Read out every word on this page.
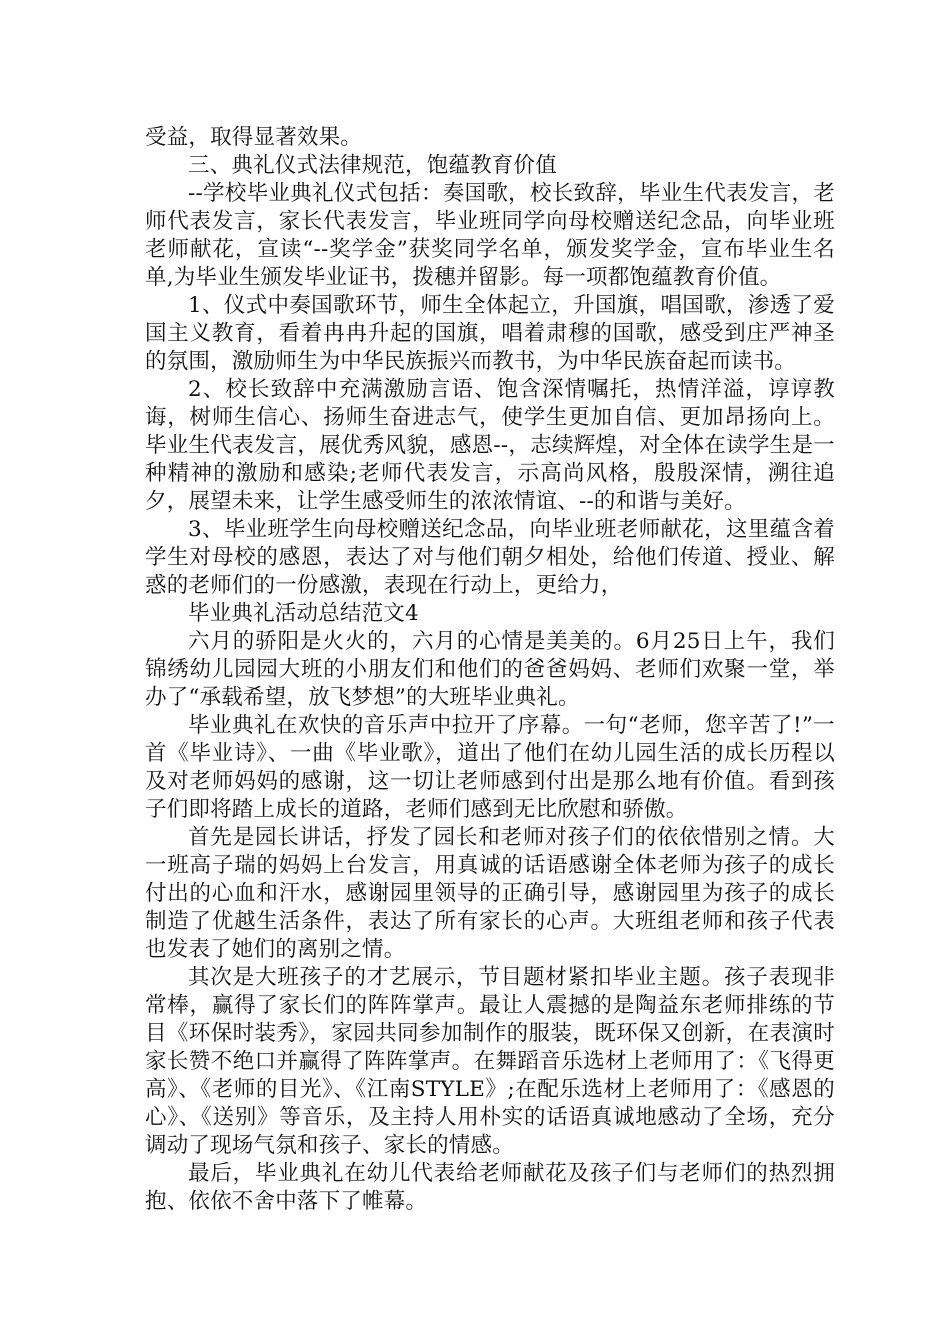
受益，取得显著效果。

三、典礼仪式法律规范，饱蕴教育价值

--学校毕业典礼仪式包括：奏国歌，校长致辞，毕业生代表发言，老师代表发言，家长代表发言，毕业班同学向母校赠送纪念品，向毕业班老师献花，宣读“--奖学金”获奖同学名单，颁发奖学金，宣布毕业生名单,为毕业生颁发毕业证书，拨穗并留影。每一项都饱蕴教育价值。

1、仪式中奏国歌环节，师生全体起立，升国旗，唱国歌，渗透了爱国主义教育，看着冉冉升起的国旗，唱着肃穆的国歌，感受到庄严神圣的氛围，激励师生为中华民族振兴而教书，为中华民族奋起而读书。

2、校长致辞中充满激励言语、饱含深情嘱托，热情洋溢，谆谆教诲，树师生信心、扬师生奋进志气，使学生更加自信、更加昂扬向上。毕业生代表发言，展优秀风貌，感恩--，志续辉煌，对全体在读学生是一种精神的激励和感染;老师代表发言，示高尚风格，殷殷深情，溯往追夕，展望未来，让学生感受师生的浓浓情谊、--的和谐与美好。

3、毕业班学生向母校赠送纪念品，向毕业班老师献花，这里蕴含着学生对母校的感恩，表达了对与他们朝夕相处，给他们传道、授业、解惑的老师们的一份感激，表现在行动上，更给力，

毕业典礼活动总结范文4

六月的骄阳是火火的，六月的心情是美美的。6月25日上午，我们锦绣幼儿园园大班的小朋友们和他们的爸爸妈妈、老师们欢聚一堂，举办了“承载希望，放飞梦想”的大班毕业典礼。

毕业典礼在欢快的音乐声中拉开了序幕。一句“老师，您辛苦了!”一首《毕业诗》、一曲《毕业歌》，道出了他们在幼儿园生活的成长历程以及对老师妈妈的感谢，这一切让老师感到付出是那么地有价值。看到孩子们即将踏上成长的道路，老师们感到无比欣慰和骄傲。

首先是园长讲话，抒发了园长和老师对孩子们的依依惜别之情。大一班高子瑞的妈妈上台发言，用真诚的话语感谢全体老师为孩子的成长付出的心血和汗水，感谢园里领导的正确引导，感谢园里为孩子的成长制造了优越生活条件，表达了所有家长的心声。大班组老师和孩子代表也发表了她们的离别之情。

其次是大班孩子的才艺展示，节目题材紧扣毕业主题。孩子表现非常棒，赢得了家长们的阵阵掌声。最让人震撼的是陶益东老师排练的节目《环保时装秀》，家园共同参加制作的服装，既环保又创新，在表演时家长赞不绝口并赢得了阵阵掌声。在舞蹈音乐选材上老师用了：《飞得更高》、《老师的目光》、《江南STYLE》;在配乐选材上老师用了：《感恩的心》、《送别》等音乐，及主持人用朴实的话语真诚地感动了全场，充分调动了现场气氛和孩子、家长的情感。

最后，毕业典礼在幼儿代表给老师献花及孩子们与老师们的热烈拥抱、依依不舍中落下了帷幕。
